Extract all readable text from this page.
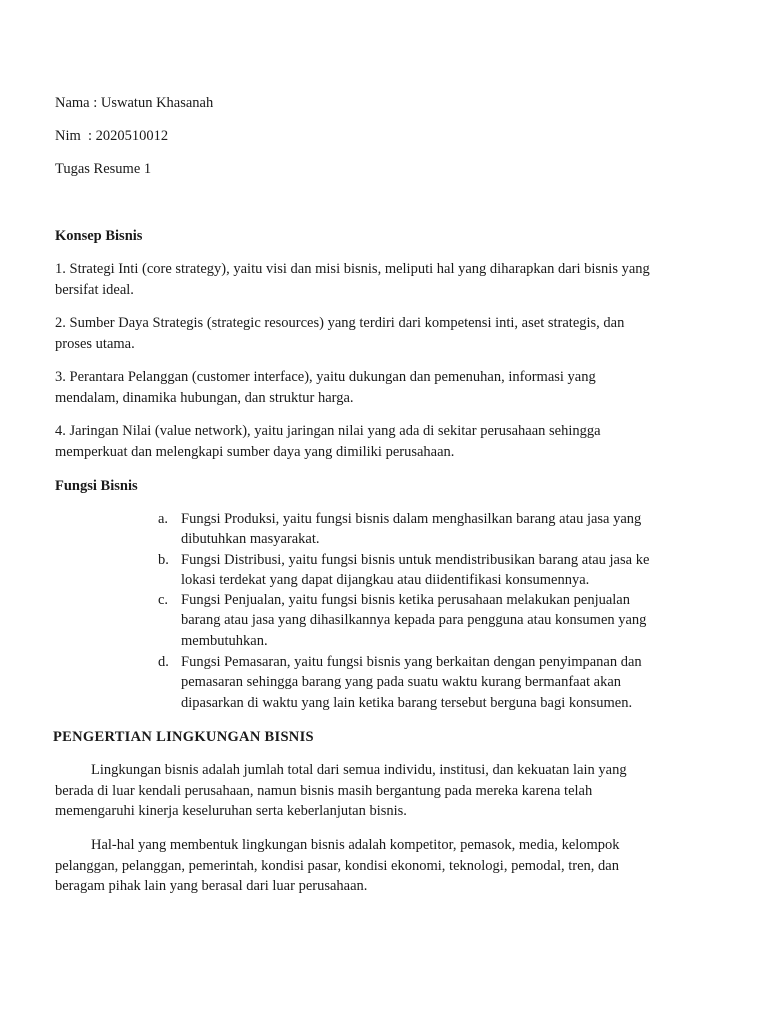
Nama : Uswatun Khasanah
Nim  : 2020510012
Tugas Resume 1
Konsep Bisnis
Fungsi Bisnis
PENGERTIAN LINGKUNGAN BISNIS
1. Strategi Inti (core strategy), yaitu visi dan misi bisnis, meliputi hal yang diharapkan dari bisnis yang
bersifat ideal.
2. Sumber Daya Strategis (strategic resources) yang terdiri dari kompetensi inti, aset strategis, dan
proses utama.
3. Perantara Pelanggan (customer interface), yaitu dukungan dan pemenuhan, informasi yang
mendalam, dinamika hubungan, dan struktur harga.
4. Jaringan Nilai (value network), yaitu jaringan nilai yang ada di sekitar perusahaan sehingga
memperkuat dan melengkapi sumber daya yang dimiliki perusahaan.
a. Fungsi Produksi, yaitu fungsi bisnis dalam menghasilkan barang atau jasa yang
dibutuhkan masyarakat.
b. Fungsi Distribusi, yaitu fungsi bisnis untuk mendistribusikan barang atau jasa ke
lokasi terdekat yang dapat dijangkau atau diidentifikasi konsumennya.
c. Fungsi Penjualan, yaitu fungsi bisnis ketika perusahaan melakukan penjualan
barang atau jasa yang dihasilkannya kepada para pengguna atau konsumen yang
membutuhkan.
d. Fungsi Pemasaran, yaitu fungsi bisnis yang berkaitan dengan penyimpanan dan
pemasaran sehingga barang yang pada suatu waktu kurang bermanfaat akan
dipasarkan di waktu yang lain ketika barang tersebut berguna bagi konsumen.
Lingkungan bisnis adalah jumlah total dari semua individu, institusi, dan kekuatan lain yang
berada di luar kendali perusahaan, namun bisnis masih bergantung pada mereka karena telah
memengaruhi kinerja keseluruhan serta keberlanjutan bisnis.
Hal-hal yang membentuk lingkungan bisnis adalah kompetitor, pemasok, media, kelompok
pelanggan, pelanggan, pemerintah, kondisi pasar, kondisi ekonomi, teknologi, pemodal, tren, dan
beragam pihak lain yang berasal dari luar perusahaan.
